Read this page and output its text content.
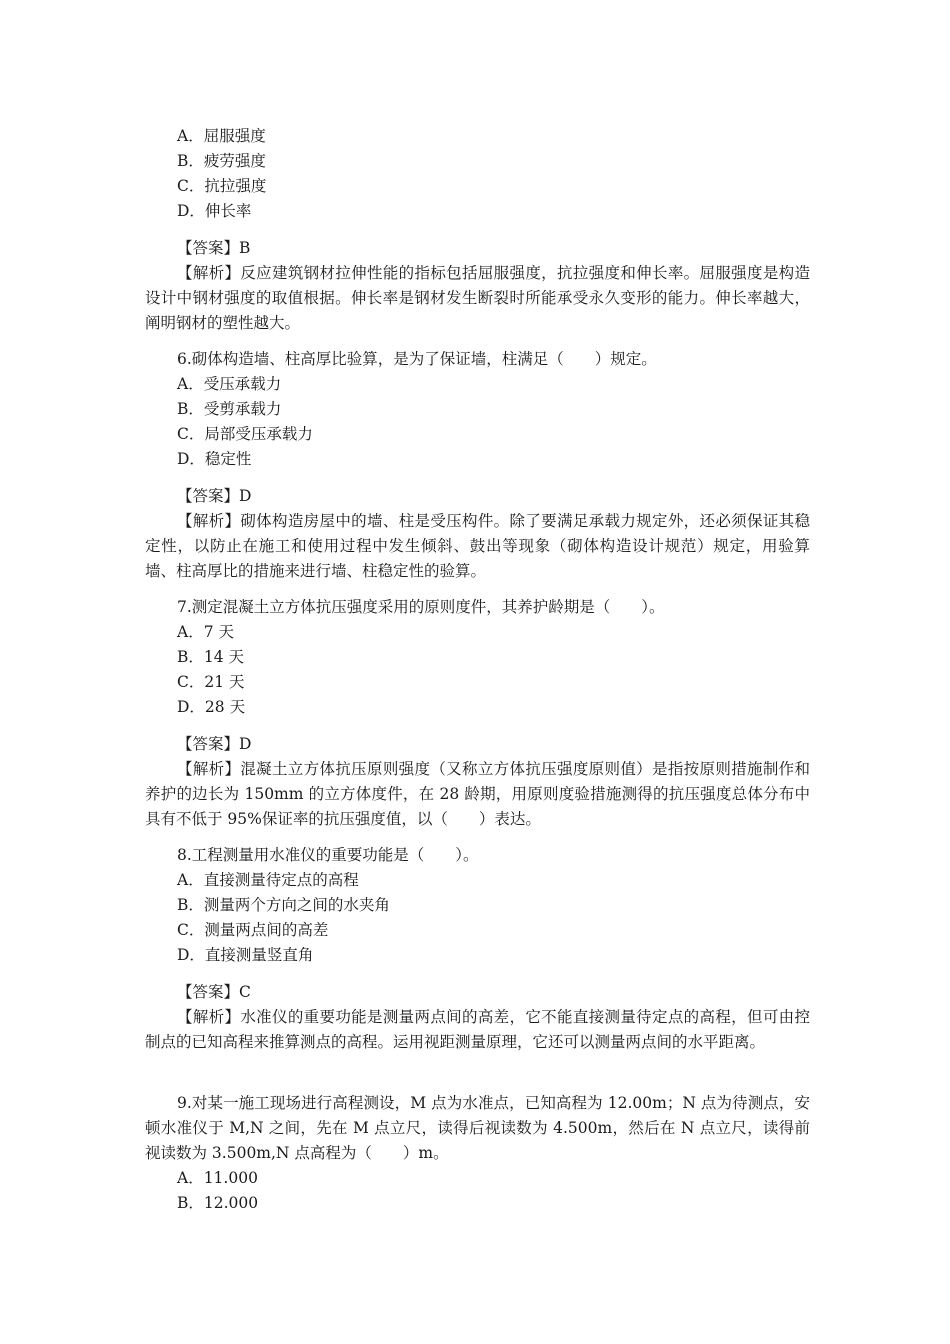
A．屈服强度
B．疲劳强度
C．抗拉强度
D．伸长率
【答案】B
【解析】反应建筑钢材拉伸性能的指标包括屈服强度，抗拉强度和伸长率。屈服强度是构造设计中钢材强度的取值根据。伸长率是钢材发生断裂时所能承受永久变形的能力。伸长率越大，阐明钢材的塑性越大。
6.砌体构造墙、柱高厚比验算，是为了保证墙，柱满足（　　）规定。
A．受压承载力
B．受剪承载力
C．局部受压承载力
D．稳定性
【答案】D
【解析】砌体构造房屋中的墙、柱是受压构件。除了要满足承载力规定外，还必须保证其稳定性，以防止在施工和使用过程中发生倾斜、鼓出等现象（砌体构造设计规范）规定，用验算墙、柱高厚比的措施来进行墙、柱稳定性的验算。
7.测定混凝土立方体抗压强度采用的原则度件，其养护龄期是（　　）。
A．7 天
B．14 天
C．21 天
D．28 天
【答案】D
【解析】混凝土立方体抗压原则强度（又称立方体抗压强度原则值）是指按原则措施制作和养护的边长为 150mm 的立方体度件，在 28 龄期，用原则度验措施测得的抗压强度总体分布中具有不低于 95%保证率的抗压强度值，以（　　）表达。
8.工程测量用水准仪的重要功能是（　　）。
A．直接测量待定点的高程
B．测量两个方向之间的水夹角
C．测量两点间的高差
D．直接测量竖直角
【答案】C
【解析】水准仪的重要功能是测量两点间的高差，它不能直接测量待定点的高程，但可由控制点的已知高程来推算测点的高程。运用视距测量原理，它还可以测量两点间的水平距离。
9.对某一施工现场进行高程测设，M 点为水准点，已知高程为 12.00m；N 点为待测点，安顿水准仪于 M,N 之间，先在 M 点立尺，读得后视读数为 4.500m，然后在 N 点立尺，读得前视读数为 3.500m,N 点高程为（　　）m。
A．11.000
B．12.000
